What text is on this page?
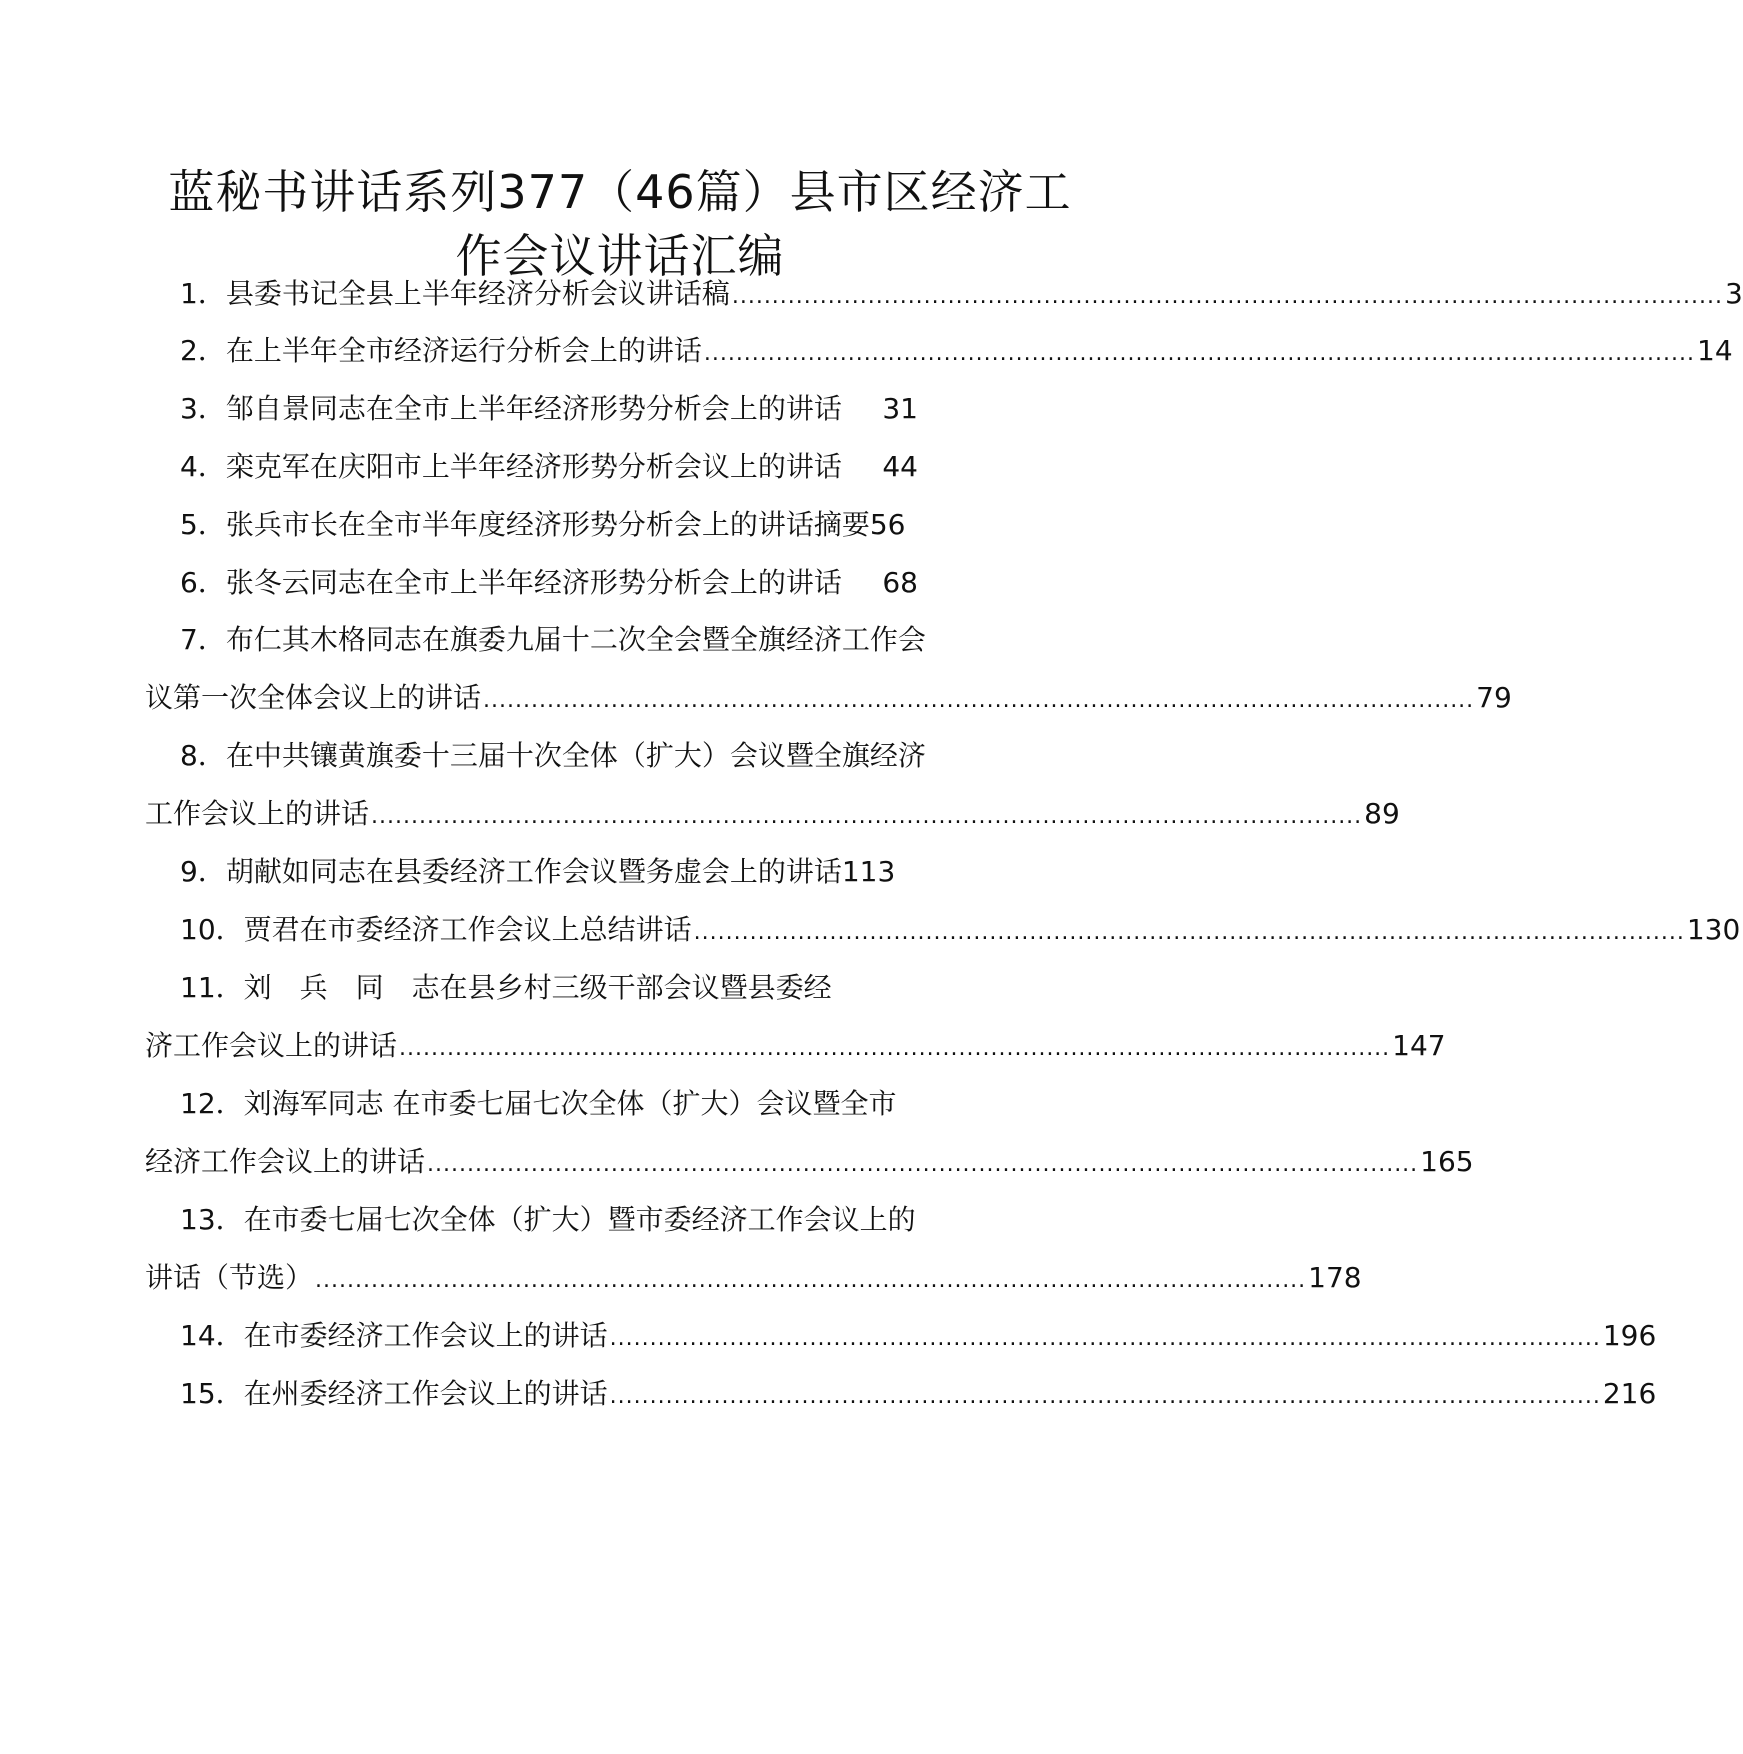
蓝秘书讲话系列377（46篇）县市区经济工
作会议讲话汇编
1． 县委书记全县上半年经济分析会议讲话稿 ............................................................................................................................ 3
2． 在上半年全市经济运行分析会上的讲话 ............................................................................................................................ 14
3． 邹自景同志在全市上半年经济形势分析会上的讲话 31
4． 栾克军在庆阳市上半年经济形势分析会议上的讲话 44
5． 张兵市长在全市半年度经济形势分析会上的讲话摘要 56
6． 张冬云同志在全市上半年经济形势分析会上的讲话 68
7． 布仁其木格同志在旗委九届十二次全会暨全旗经济工作会
议第一次全体会议上的讲话 ............................................................................................................................ 79
8． 在中共镶黄旗委十三届十次全体（扩大）会议暨全旗经济
工作会议上的讲话 ............................................................................................................................ 89
9． 胡献如同志在县委经济工作会议暨务虚会上的讲话 113
10． 贾君在市委经济工作会议上总结讲话 ............................................................................................................................ 130
11． 刘　兵　同　志在县乡村三级干部会议暨县委经
济工作会议上的讲话 ............................................................................................................................ 147
12． 刘海军同志 在市委七届七次全体（扩大）会议暨全市
经济工作会议上的讲话 ............................................................................................................................ 165
13． 在市委七届七次全体（扩大）暨市委经济工作会议上的
讲话（节选） ............................................................................................................................ 178
14． 在市委经济工作会议上的讲话 ............................................................................................................................ 196
15． 在州委经济工作会议上的讲话 ............................................................................................................................ 216
